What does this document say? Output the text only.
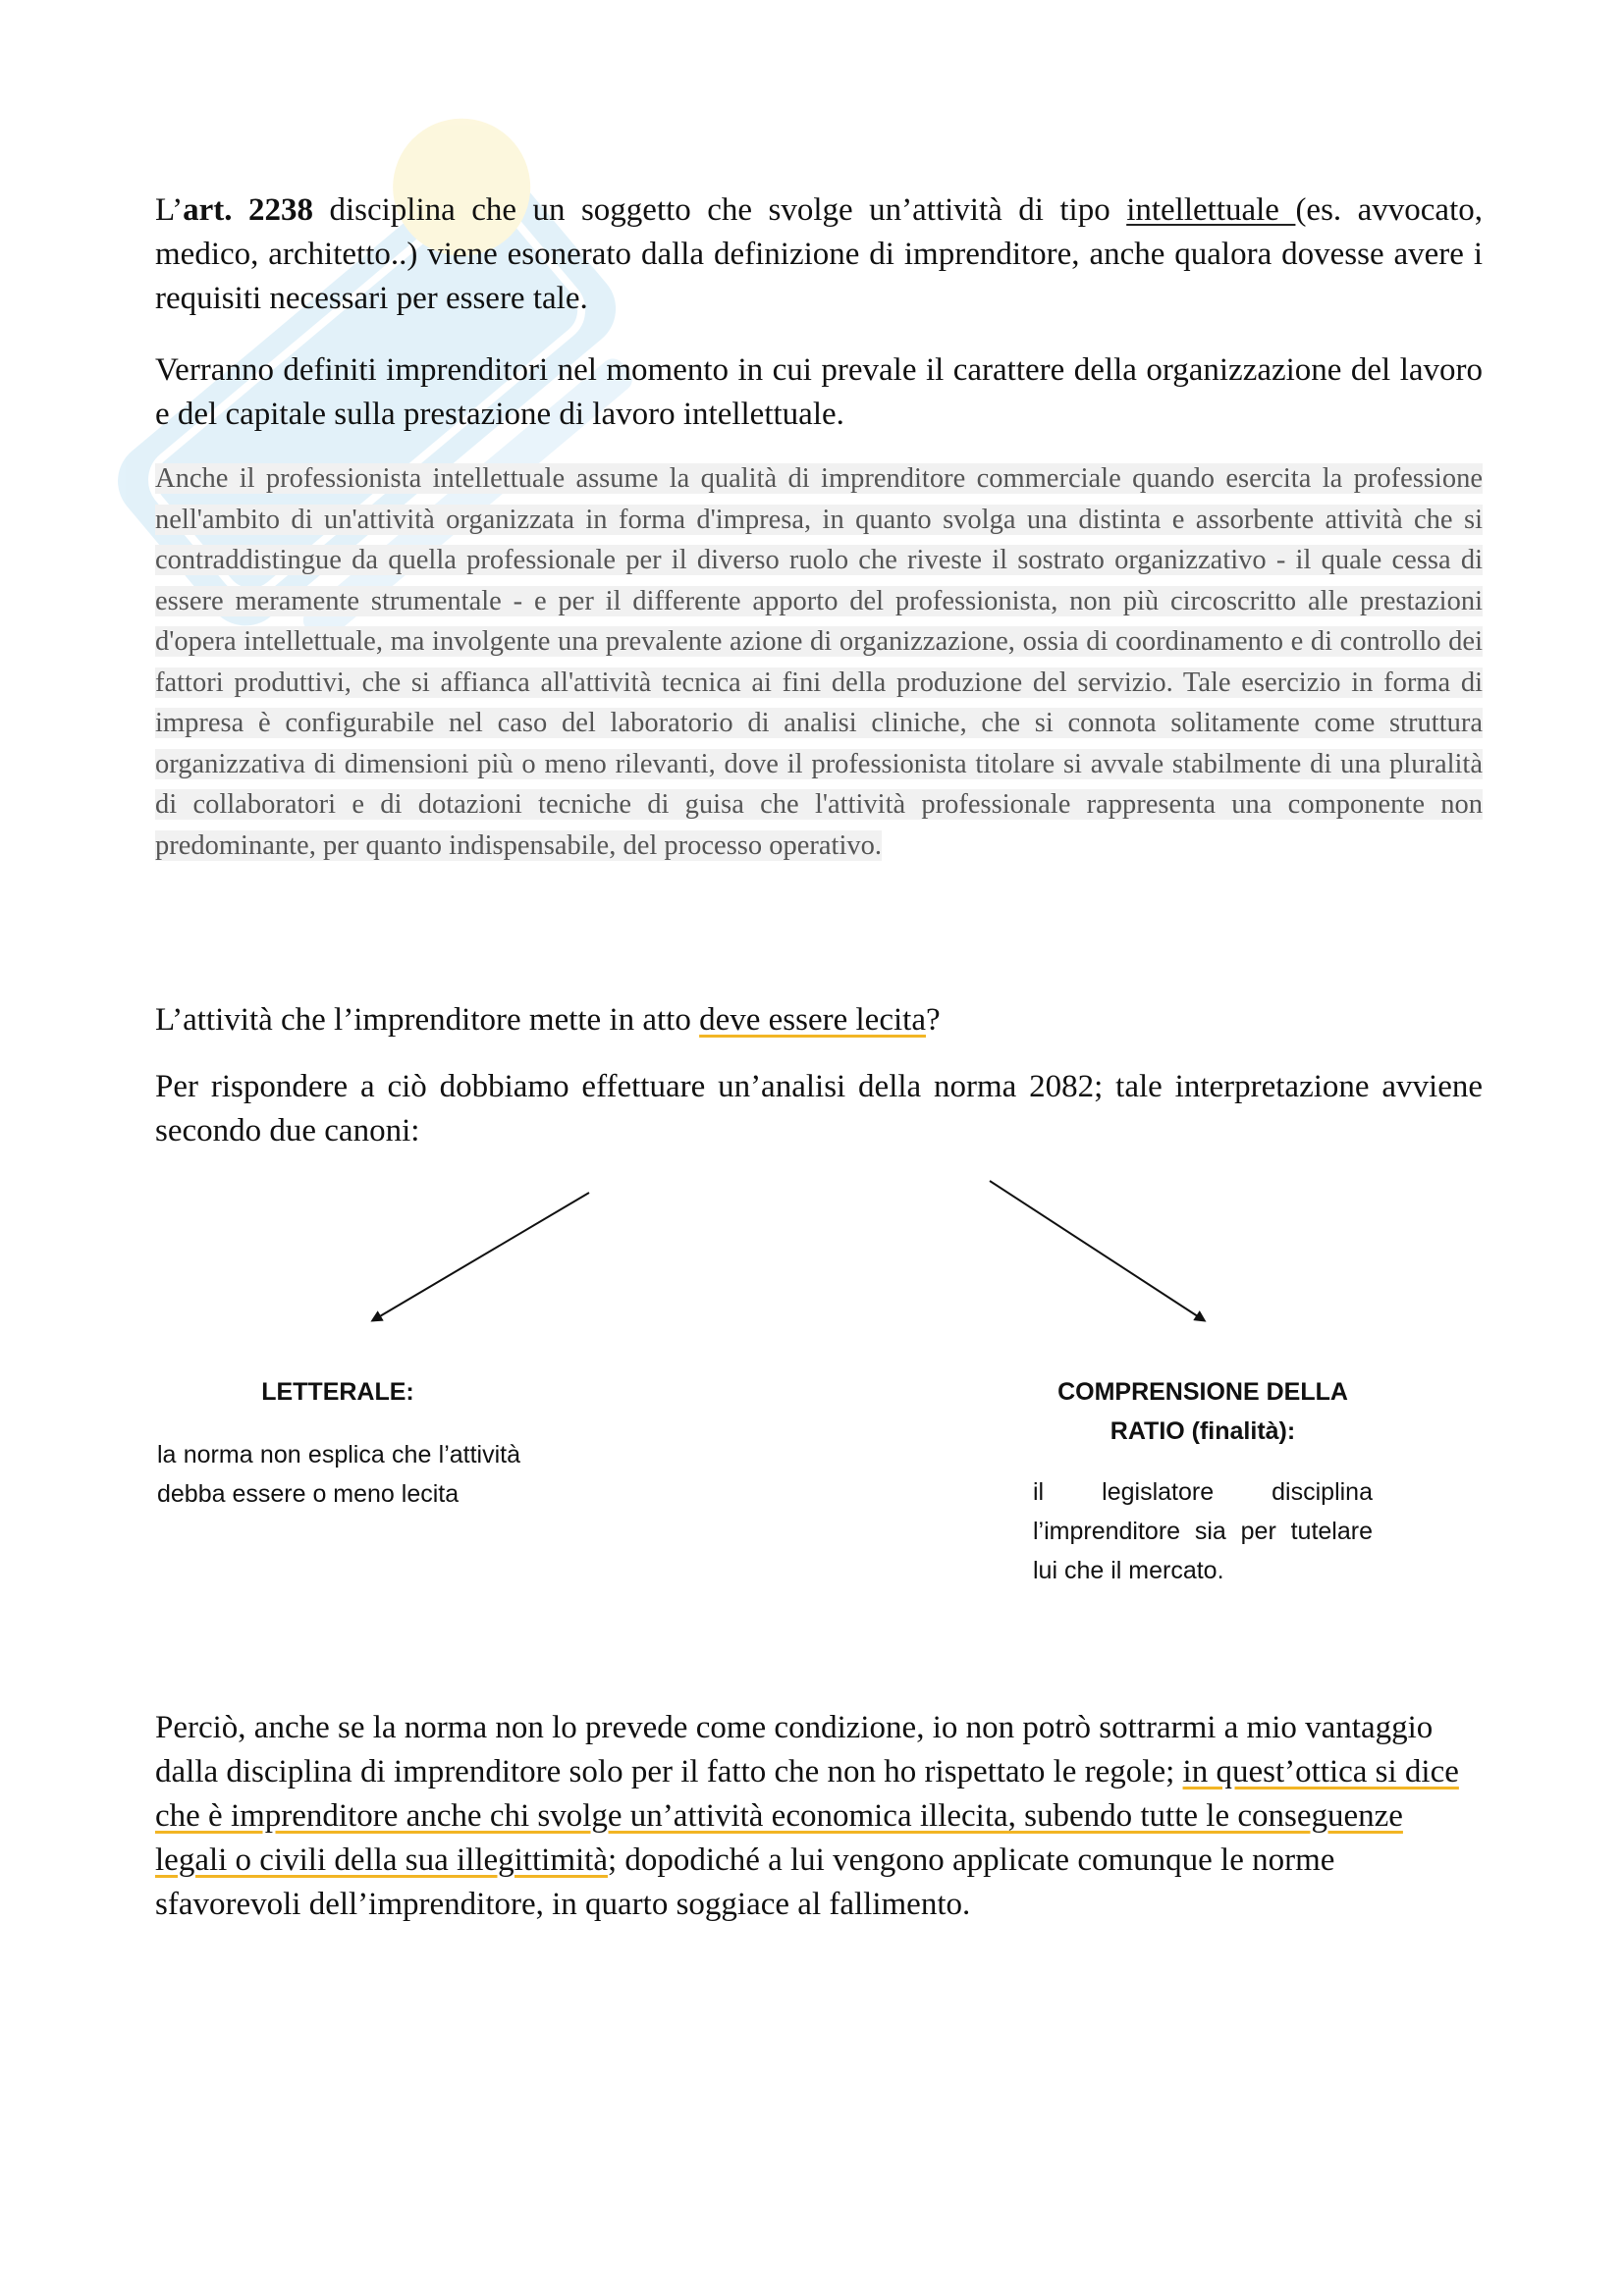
L’art. 2238 disciplina che un soggetto che svolge un’attività di tipo intellettuale (es. avvocato, medico, architetto..) viene esonerato dalla definizione di imprenditore, anche qualora dovesse avere i requisiti necessari per essere tale.

Verranno definiti imprenditori nel momento in cui prevale il carattere della organizzazione del lavoro e del capitale sulla prestazione di lavoro intellettuale.

Anche il professionista intellettuale assume la qualità di imprenditore commerciale quando esercita la professione nell'ambito di un'attività organizzata in forma d'impresa, in quanto svolga una distinta e assorbente attività che si contraddistingue da quella professionale per il diverso ruolo che riveste il sostrato organizzativo - il quale cessa di essere meramente strumentale - e per il differente apporto del professionista, non più circoscritto alle prestazioni d'opera intellettuale, ma involgente una prevalente azione di organizzazione, ossia di coordinamento e di controllo dei fattori produttivi, che si affianca all'attività tecnica ai fini della produzione del servizio. Tale esercizio in forma di impresa è configurabile nel caso del laboratorio di analisi cliniche, che si connota solitamente come struttura organizzativa di dimensioni più o meno rilevanti, dove il professionista titolare si avvale stabilmente di una pluralità di collaboratori e di dotazioni tecniche di guisa che l'attività professionale rappresenta una componente non predominante, per quanto indispensabile, del processo operativo.

L’attività che l’imprenditore mette in atto deve essere lecita?

Per rispondere a ciò dobbiamo effettuare un’analisi della norma 2082; tale interpretazione avviene secondo due canoni:

LETTERALE:
la norma non esplica che l’attività debba essere o meno lecita
COMPRENSIONE DELLA RATIO (finalità):
il legislatore disciplina l’imprenditore sia per tutelare lui che il mercato.

Perciò, anche se la norma non lo prevede come condizione, io non potrò sottrarmi a mio vantaggio dalla disciplina di imprenditore solo per il fatto che non ho rispettato le regole; in quest’ottica si dice che è imprenditore anche chi svolge un’attività economica illecita, subendo tutte le conseguenze legali o civili della sua illegittimità; dopodiché a lui vengono applicate comunque le norme sfavorevoli dell’imprenditore, in quarto soggiace al fallimento.
